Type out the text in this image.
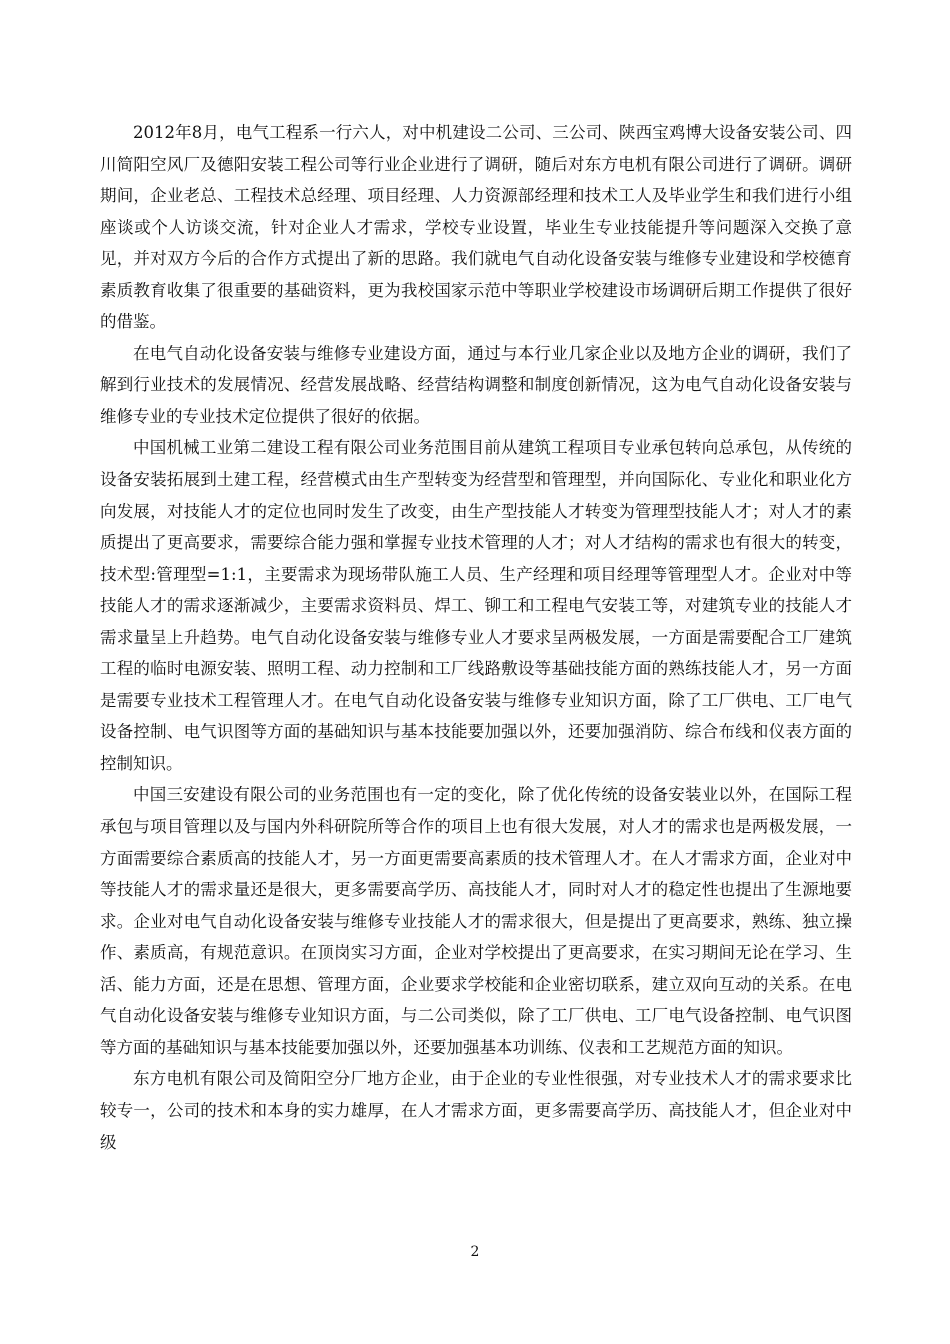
2012年8月，电气工程系一行六人，对中机建设二公司、三公司、陕西宝鸡博大设备安装公司、四川简阳空风厂及德阳安装工程公司等行业企业进行了调研，随后对东方电机有限公司进行了调研。调研期间，企业老总、工程技术总经理、项目经理、人力资源部经理和技术工人及毕业学生和我们进行小组座谈或个人访谈交流，针对企业人才需求，学校专业设置，毕业生专业技能提升等问题深入交换了意见，并对双方今后的合作方式提出了新的思路。我们就电气自动化设备安装与维修专业建设和学校德育素质教育收集了很重要的基础资料，更为我校国家示范中等职业学校建设市场调研后期工作提供了很好的借鉴。

在电气自动化设备安装与维修专业建设方面，通过与本行业几家企业以及地方企业的调研，我们了解到行业技术的发展情况、经营发展战略、经营结构调整和制度创新情况，这为电气自动化设备安装与维修专业的专业技术定位提供了很好的依据。

中国机械工业第二建设工程有限公司业务范围目前从建筑工程项目专业承包转向总承包，从传统的设备安装拓展到土建工程，经营模式由生产型转变为经营型和管理型，并向国际化、专业化和职业化方向发展，对技能人才的定位也同时发生了改变，由生产型技能人才转变为管理型技能人才；对人才的素质提出了更高要求，需要综合能力强和掌握专业技术管理的人才；对人才结构的需求也有很大的转变，技术型:管理型=1:1，主要需求为现场带队施工人员、生产经理和项目经理等管理型人才。企业对中等技能人才的需求逐渐减少，主要需求资料员、焊工、铆工和工程电气安装工等，对建筑专业的技能人才需求量呈上升趋势。电气自动化设备安装与维修专业人才要求呈两极发展，一方面是需要配合工厂建筑工程的临时电源安装、照明工程、动力控制和工厂线路敷设等基础技能方面的熟练技能人才，另一方面是需要专业技术工程管理人才。在电气自动化设备安装与维修专业知识方面，除了工厂供电、工厂电气设备控制、电气识图等方面的基础知识与基本技能要加强以外，还要加强消防、综合布线和仪表方面的控制知识。

中国三安建设有限公司的业务范围也有一定的变化，除了优化传统的设备安装业以外，在国际工程承包与项目管理以及与国内外科研院所等合作的项目上也有很大发展，对人才的需求也是两极发展，一方面需要综合素质高的技能人才，另一方面更需要高素质的技术管理人才。在人才需求方面，企业对中等技能人才的需求量还是很大，更多需要高学历、高技能人才，同时对人才的稳定性也提出了生源地要求。企业对电气自动化设备安装与维修专业技能人才的需求很大，但是提出了更高要求，熟练、独立操作、素质高，有规范意识。在顶岗实习方面，企业对学校提出了更高要求，在实习期间无论在学习、生活、能力方面，还是在思想、管理方面，企业要求学校能和企业密切联系，建立双向互动的关系。在电气自动化设备安装与维修专业知识方面，与二公司类似，除了工厂供电、工厂电气设备控制、电气识图等方面的基础知识与基本技能要加强以外，还要加强基本功训练、仪表和工艺规范方面的知识。

东方电机有限公司及简阳空分厂地方企业，由于企业的专业性很强，对专业技术人才的需求要求比较专一，公司的技术和本身的实力雄厚，在人才需求方面，更多需要高学历、高技能人才，但企业对中级

2
